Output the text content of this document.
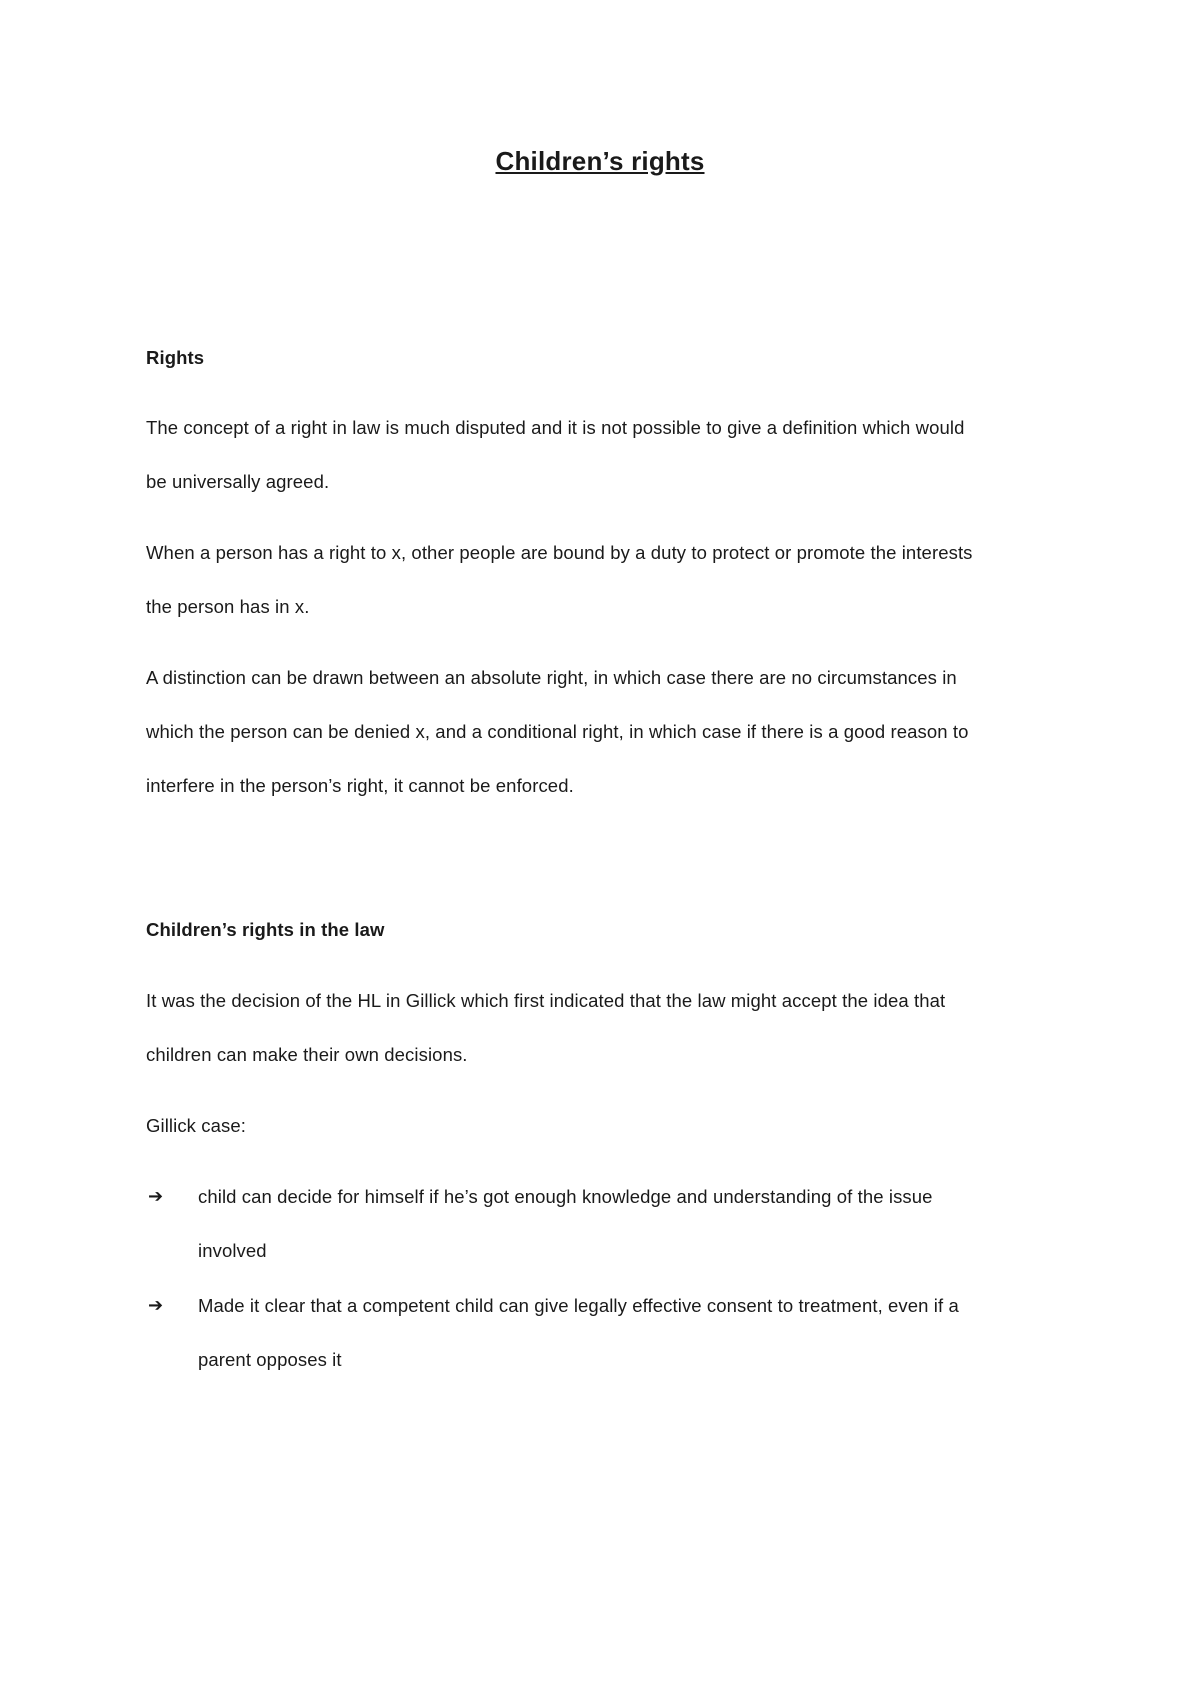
Children’s rights
Rights
The concept of a right in law is much disputed and it is not possible to give a definition which would
be universally agreed.
When a person has a right to x, other people are bound by a duty to protect or promote the interests
the person has in x.
A distinction can be drawn between an absolute right, in which case there are no circumstances in
which the person can be denied x, and a conditional right, in which case if there is a good reason to
interfere in the person’s right, it cannot be enforced.
Children’s rights in the law
It was the decision of the HL in Gillick which first indicated that the law might accept the idea that
children can make their own decisions.
Gillick case:
➔ child can decide for himself if he’s got enough knowledge and understanding of the issue
involved
➔ Made it clear that a competent child can give legally effective consent to treatment, even if a
parent opposes it
